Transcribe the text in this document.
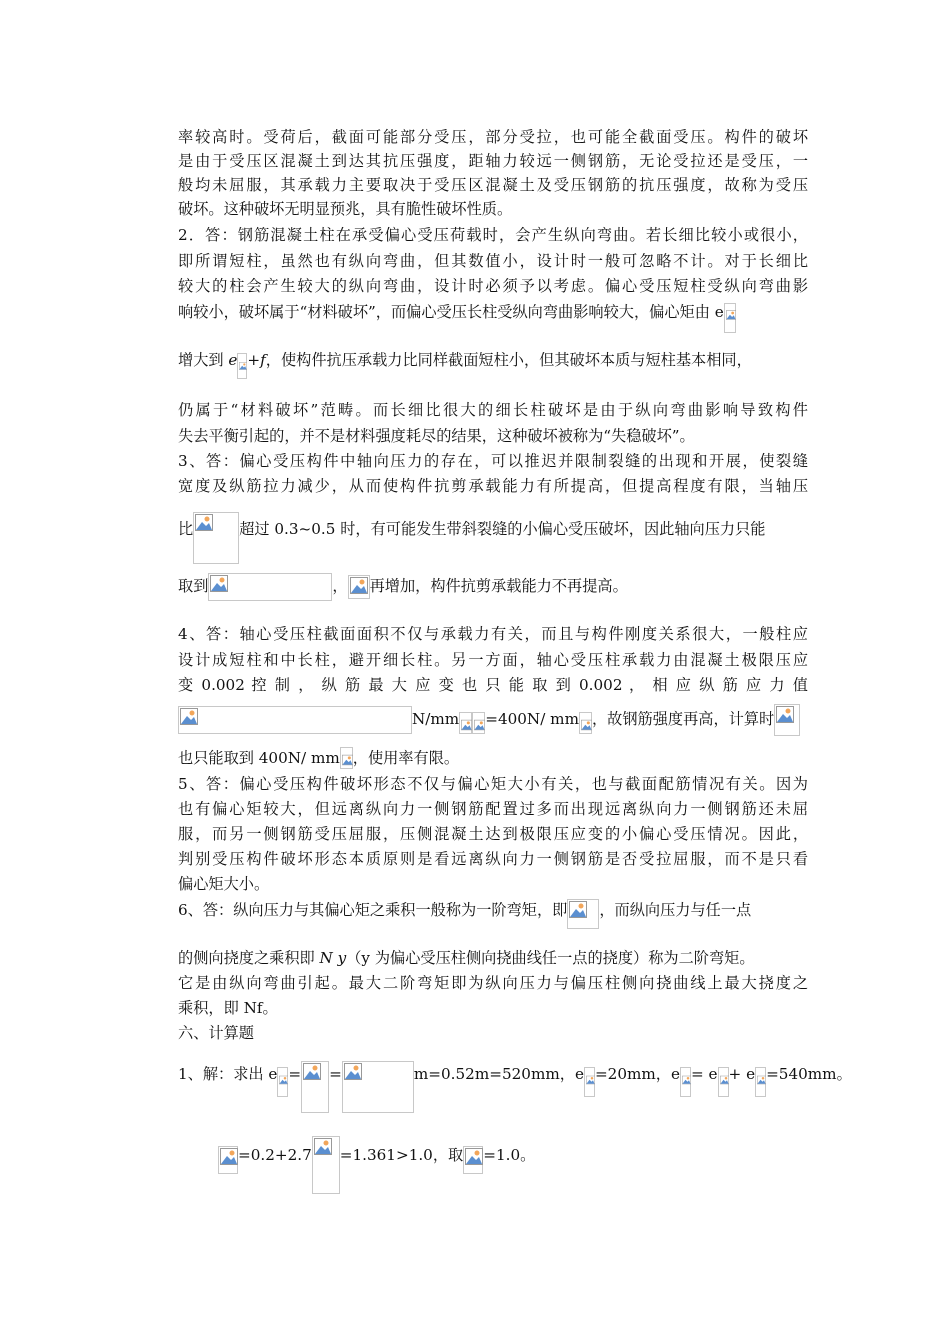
率较高时。受荷后，截面可能部分受压，部分受拉，也可能全截面受压。构件的破坏
是由于受压区混凝土到达其抗压强度，距轴力较远一侧钢筋，无论受拉还是受压，一
般均未屈服，其承载力主要取决于受压区混凝土及受压钢筋的抗压强度，故称为受压
破坏。这种破坏无明显预兆，具有脆性破坏性质。
2．答：钢筋混凝土柱在承受偏心受压荷载时，会产生纵向弯曲。若长细比较小或很小，
即所谓短柱，虽然也有纵向弯曲，但其数值小，设计时一般可忽略不计。对于长细比
较大的柱会产生较大的纵向弯曲，设计时必须予以考虑。偏心受压短柱受纵向弯曲影
响较小，破坏属于“材料破坏”，而偏心受压长柱受纵向弯曲影响较大，偏心矩由 e
增大到 e +f，使构件抗压承载力比同样截面短柱小，但其破坏本质与短柱基本相同，
仍属于“材料破坏”范畴。而长细比很大的细长柱破坏是由于纵向弯曲影响导致构件
失去平衡引起的，并不是材料强度耗尽的结果，这种破坏被称为“失稳破坏”。
3、答：偏心受压构件中轴向压力的存在，可以推迟并限制裂缝的出现和开展，使裂缝
宽度及纵筋拉力减少，从而使构件抗剪承载能力有所提高，但提高程度有限，当轴压
比	超过 0.3~0.5 时，有可能发生带斜裂缝的小偏心受压破坏，因此轴向压力只能
取到	， 再增加，构件抗剪承载能力不再提高。
4、答：轴心受压柱截面面积不仅与承载力有关，而且与构件刚度关系很大，一般柱应
设计成短柱和中长柱，避开细长柱。另一方面，轴心受压柱承载力由混凝土极限压应
变 0.002 控 制 ， 纵 筋 最 大 应 变 也 只 能 取 到 0.002 ， 相 应 纵 筋 应 力 值
N/mm =400N/ mm ，故钢筋强度再高，计算时
也只能取到 400N/ mm ，使用率有限。
5、答：偏心受压构件破坏形态不仅与偏心矩大小有关，也与截面配筋情况有关。因为
也有偏心矩较大，但远离纵向力一侧钢筋配置过多而出现远离纵向力一侧钢筋还未屈
服，而另一侧钢筋受压屈服，压侧混凝土达到极限压应变的小偏心受压情况。因此，
判别受压构件破坏形态本质原则是看远离纵向力一侧钢筋是否受拉屈服，而不是只看
偏心矩大小。
6、答：纵向压力与其偏心矩之乘积一般称为一阶弯矩，即 ，而纵向压力与任一点
的侧向挠度之乘积即 N y（y 为偏心受压柱侧向挠曲线任一点的挠度）称为二阶弯矩。
它是由纵向弯曲引起。最大二阶弯矩即为纵向压力与偏压柱侧向挠曲线上最大挠度之
乘积，即 Nf。
六、计算题
1、解：求出 e = =	m=0.52m=520mm，e =20mm，e = e + e =540mm。
=0.2+2.7 =1.361>1.0，取 =1.0。
